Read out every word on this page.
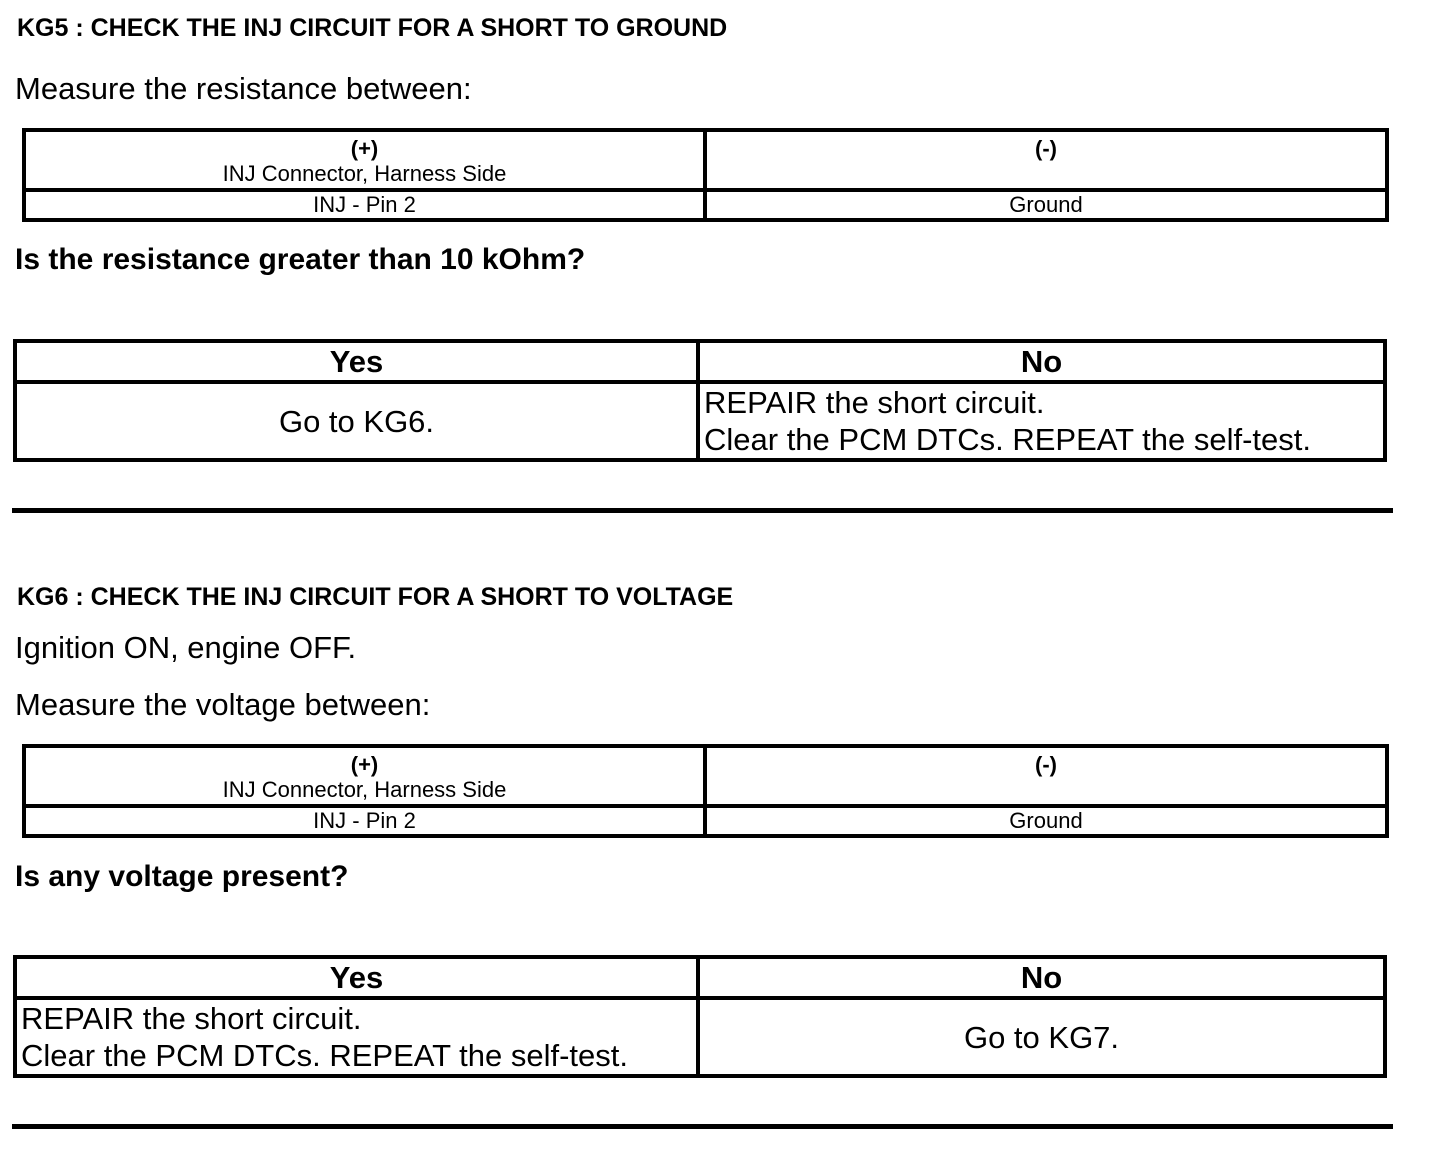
KG5 : CHECK THE INJ CIRCUIT FOR A SHORT TO GROUND
Measure the resistance between:
(+)
INJ Connector, Harness Side	(-)

INJ - Pin 2	Ground
Is the resistance greater than 10 kOhm?
Yes	No
Go to KG6.	REPAIR the short circuit.
Clear the PCM DTCs. REPEAT the self-test.
KG6 : CHECK THE INJ CIRCUIT FOR A SHORT TO VOLTAGE
Ignition ON, engine OFF.
Measure the voltage between:
(+)
INJ Connector, Harness Side	(-)

INJ - Pin 2	Ground
Is any voltage present?
Yes	No

REPAIR the short circuit.
Clear the PCM DTCs. REPEAT the self-test.	Go to KG7.
